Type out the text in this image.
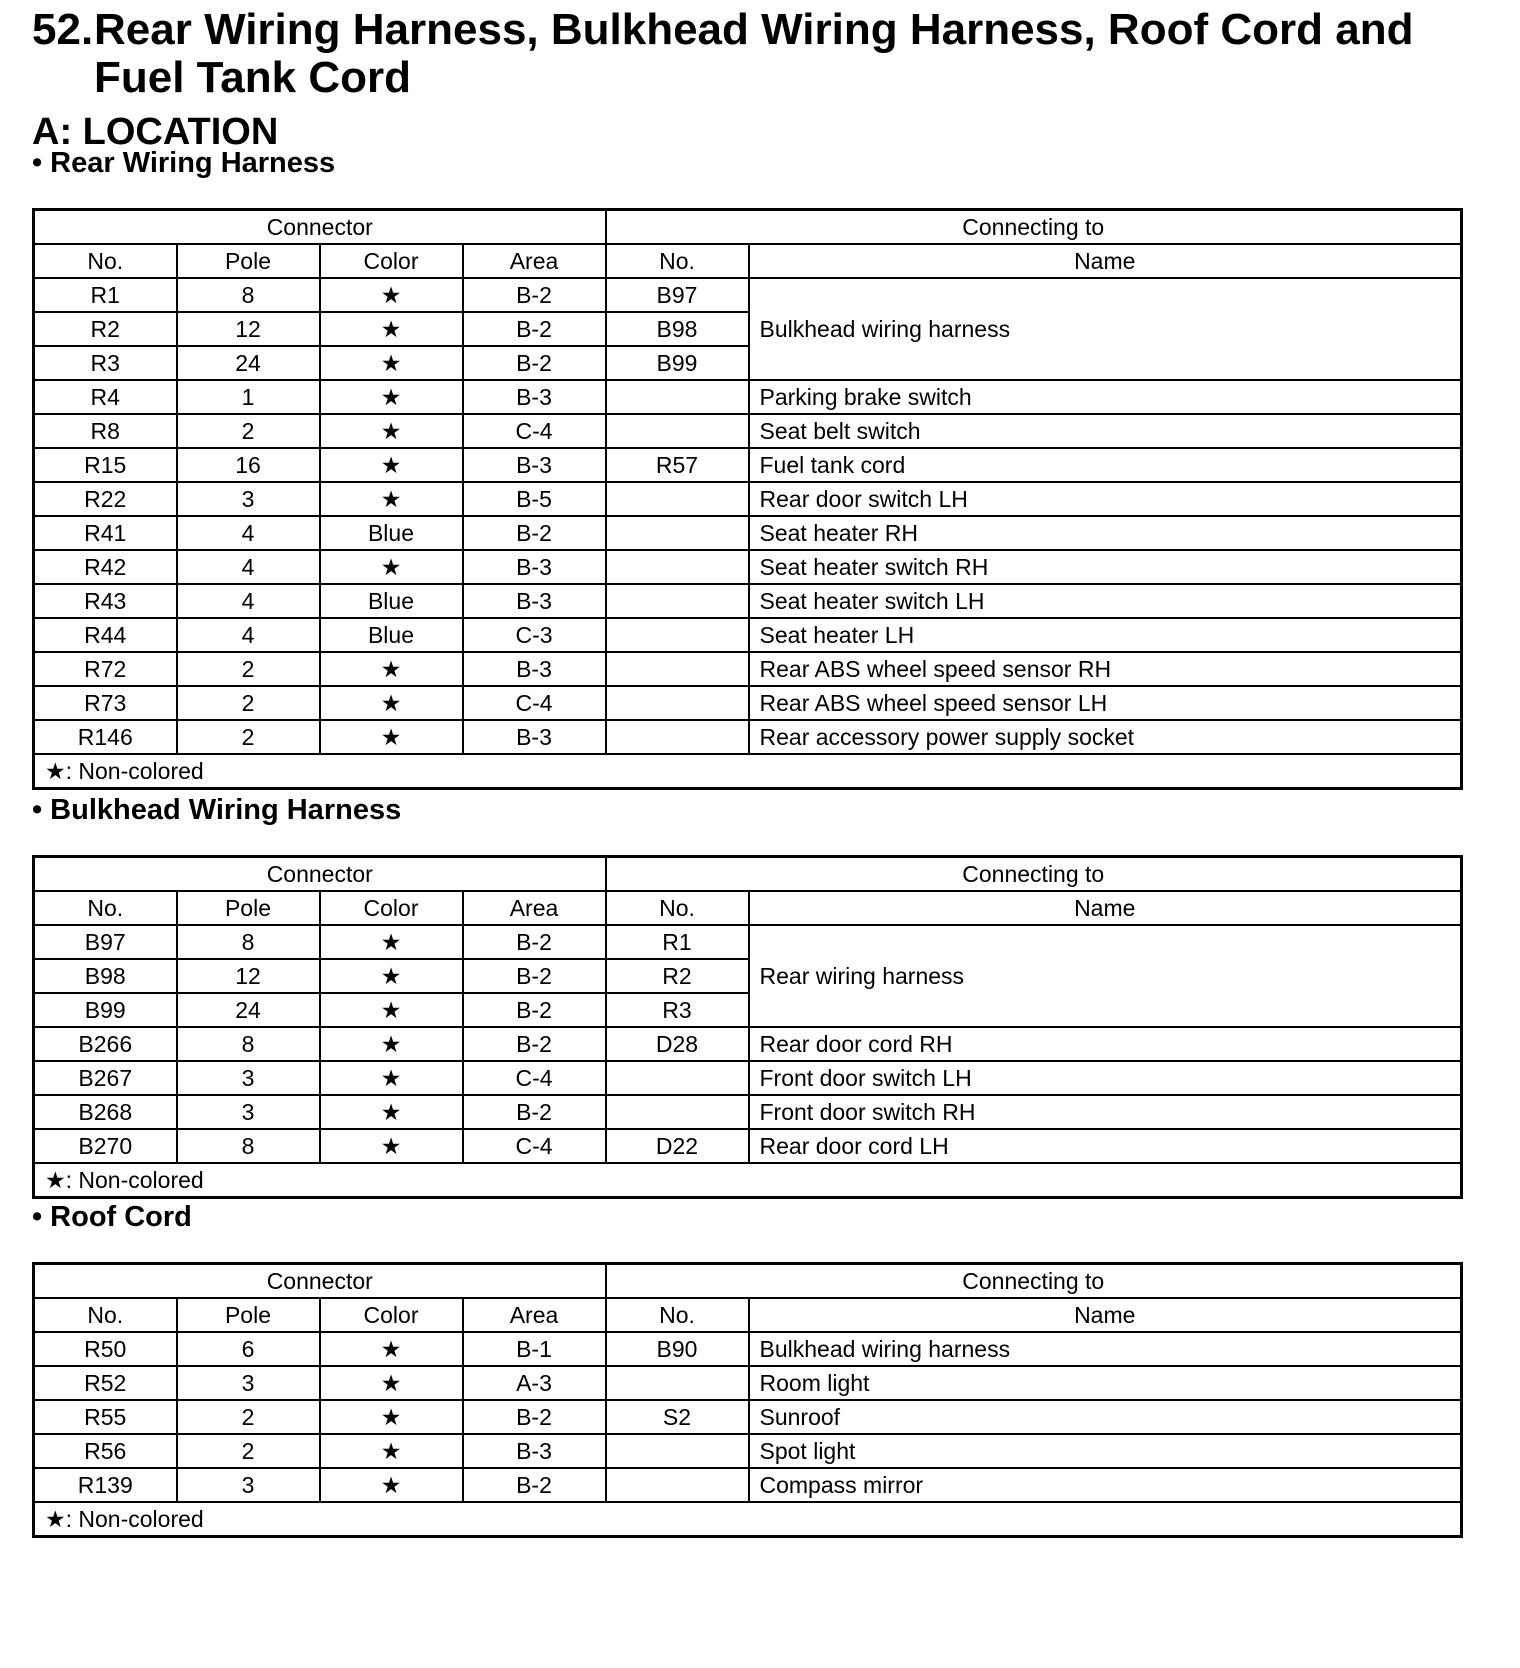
52.Rear Wiring Harness, Bulkhead Wiring Harness, Roof Cord and
Fuel Tank Cord
A: LOCATION
• Rear Wiring Harness
Connector				Connecting to	
No.	Pole	Color	Area	No.	Name
R1	8	★	B-2	B97	Bulkhead wiring harness
R2	12	★	B-2	B98	
R3	24	★	B-2	B99	
R4	1	★	B-3		Parking brake switch
R8	2	★	C-4		Seat belt switch
R15	16	★	B-3	R57	Fuel tank cord
R22	3	★	B-5		Rear door switch LH
R41	4	Blue	B-2		Seat heater RH
R42	4	★	B-3		Seat heater switch RH
R43	4	Blue	B-3		Seat heater switch LH
R44	4	Blue	C-3		Seat heater LH
R72	2	★	B-3		Rear ABS wheel speed sensor RH
R73	2	★	C-4		Rear ABS wheel speed sensor LH
R146	2	★	B-3		Rear accessory power supply socket
★: Non-colored					
• Bulkhead Wiring Harness
Connector				Connecting to	
No.	Pole	Color	Area	No.	Name
B97	8	★	B-2	R1	Rear wiring harness
B98	12	★	B-2	R2	
B99	24	★	B-2	R3	
B266	8	★	B-2	D28	Rear door cord RH
B267	3	★	C-4		Front door switch LH
B268	3	★	B-2		Front door switch RH
B270	8	★	C-4	D22	Rear door cord LH
★: Non-colored					
• Roof Cord
Connector				Connecting to	
No.	Pole	Color	Area	No.	Name
R50	6	★	B-1	B90	Bulkhead wiring harness
R52	3	★	A-3		Room light
R55	2	★	B-2	S2	Sunroof
R56	2	★	B-3		Spot light
R139	3	★	B-2		Compass mirror
★: Non-colored					
